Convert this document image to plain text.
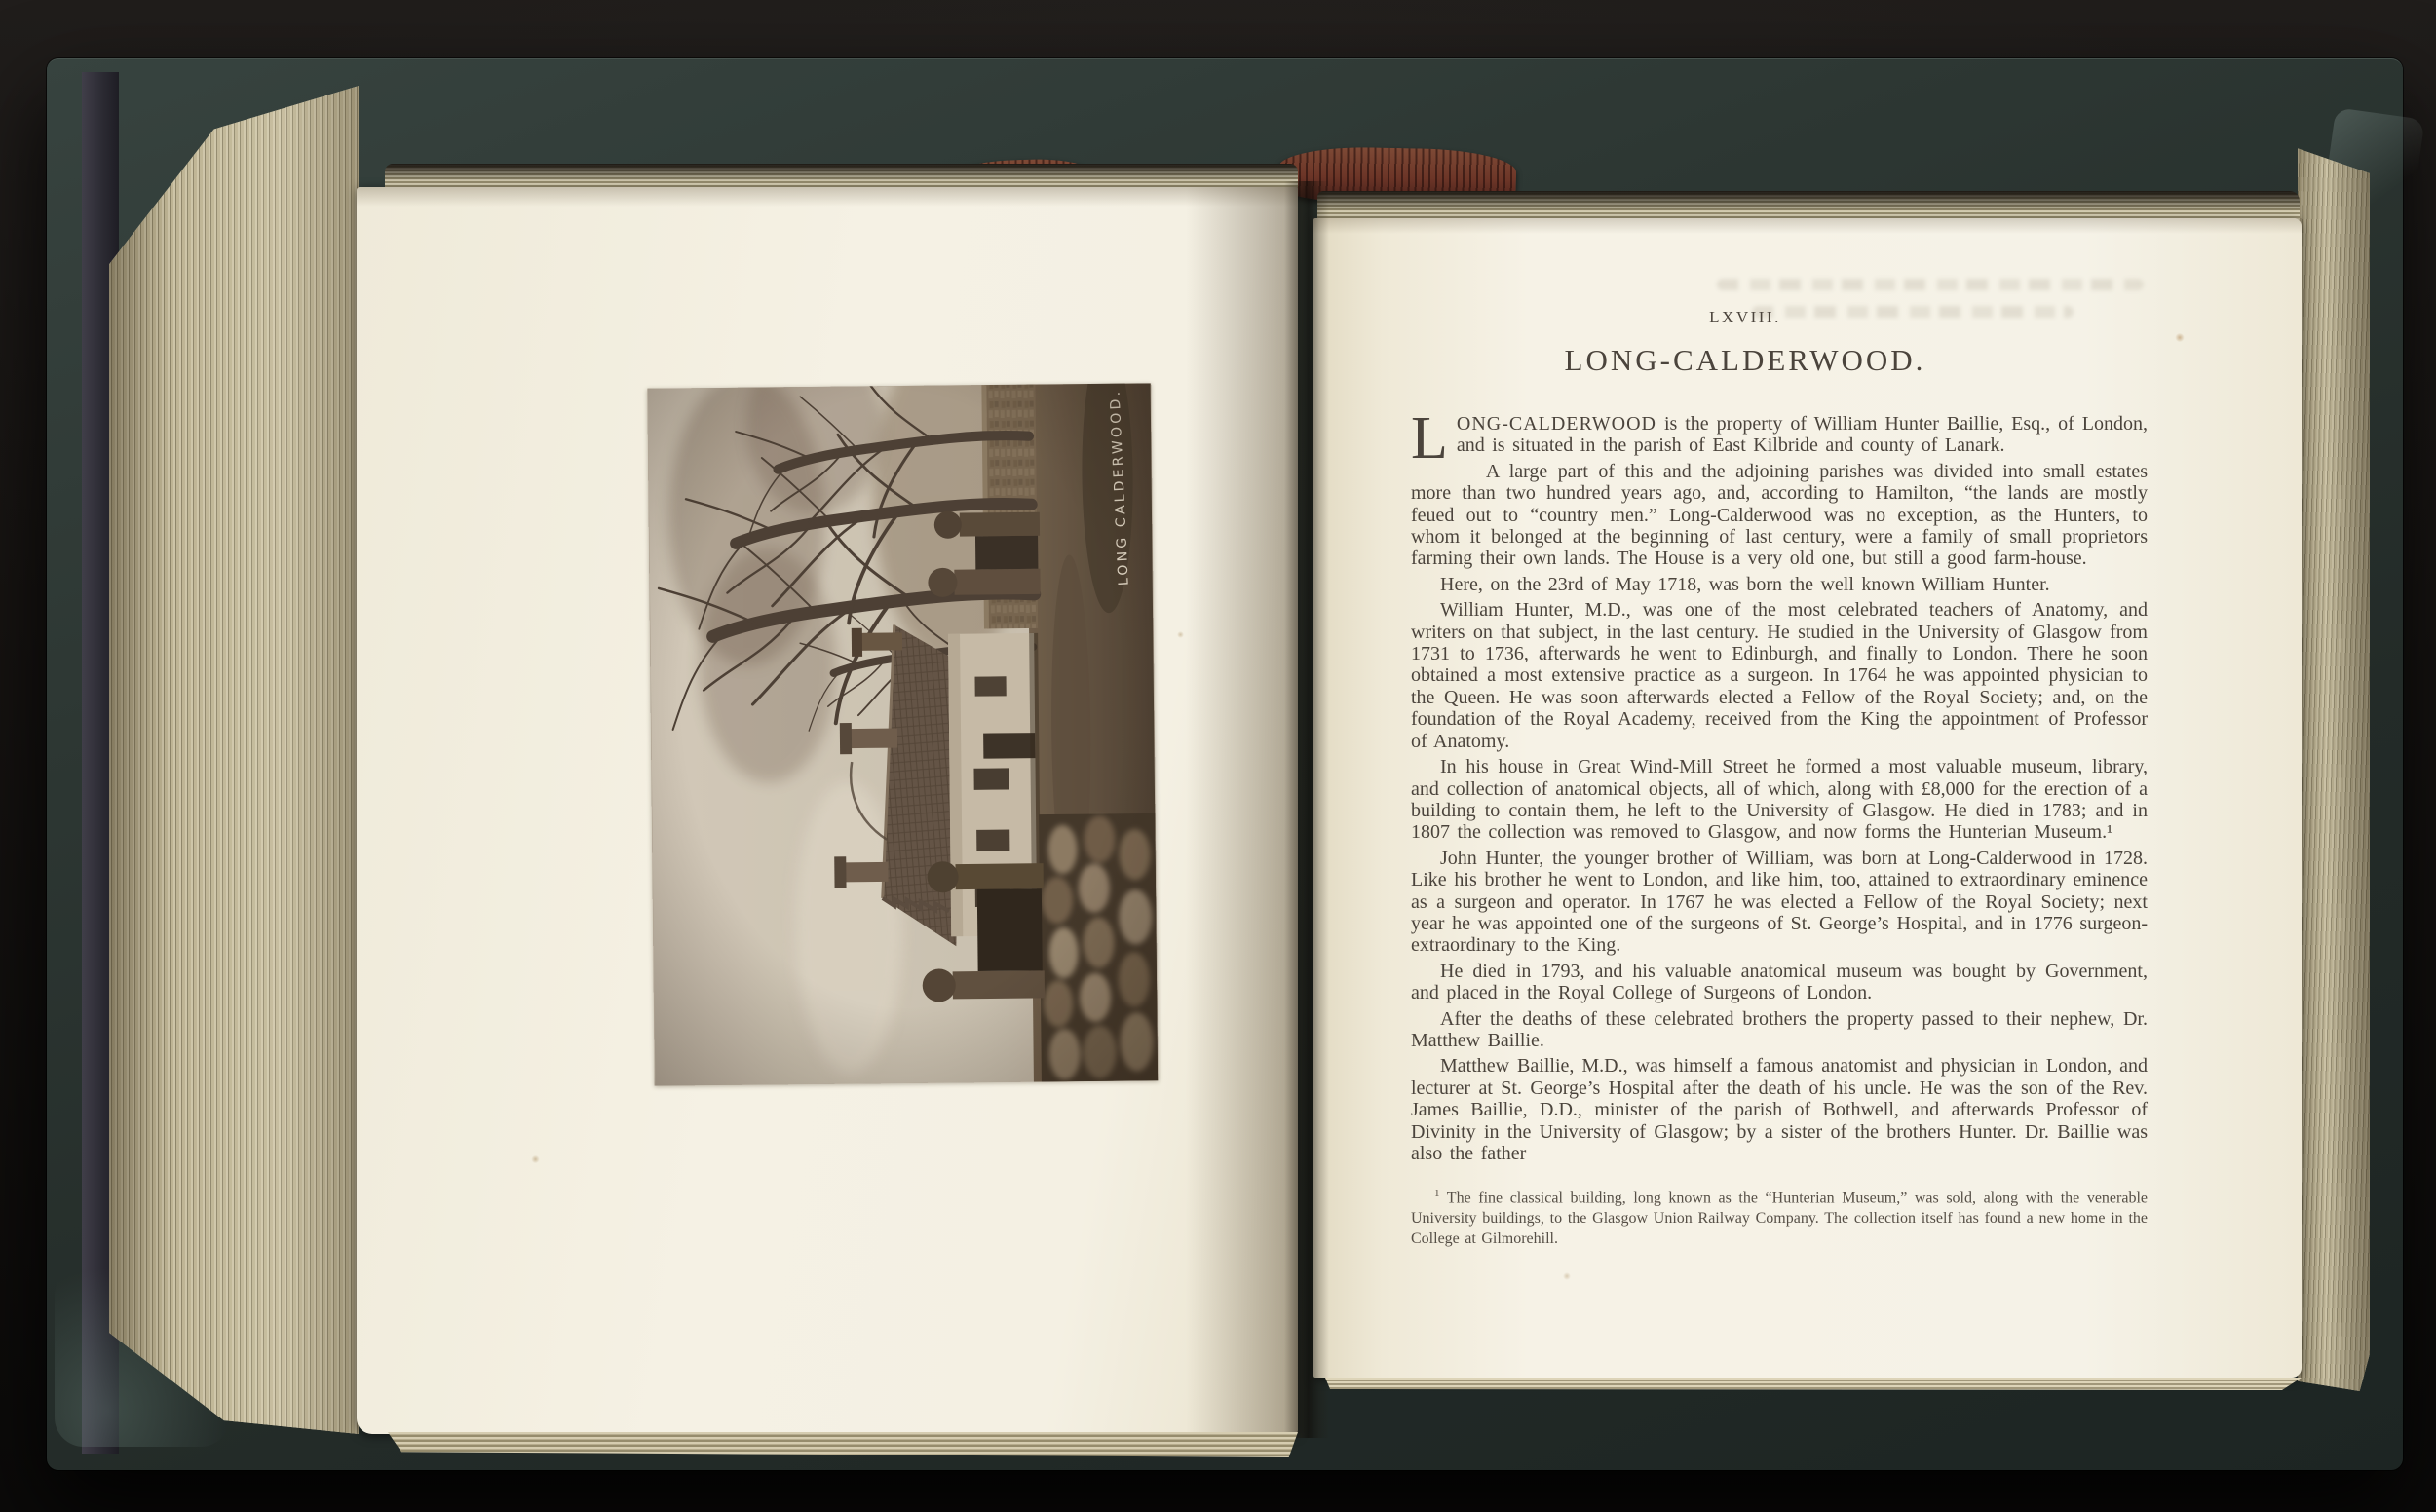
LXVIII.
LONG-CALDERWOOD.

LONG-CALDERWOOD is the property of William Hunter Baillie, Esq., of London, and is situated in the parish of East Kilbride and county of Lanark.

A large part of this and the adjoining parishes was divided into small estates more than two hundred years ago, and, according to Hamilton, “the lands are mostly feued out to “country men.” Long-Calderwood was no exception, as the Hunters, to whom it belonged at the beginning of last century, were a family of small proprietors farming their own lands. The House is a very old one, but still a good farm-house.

Here, on the 23rd of May 1718, was born the well known William Hunter.

William Hunter, M.D., was one of the most celebrated teachers of Anatomy, and writers on that subject, in the last century. He studied in the University of Glasgow from 1731 to 1736, afterwards he went to Edinburgh, and finally to London. There he soon obtained a most extensive practice as a surgeon. In 1764 he was appointed physician to the Queen. He was soon afterwards elected a Fellow of the Royal Society; and, on the foundation of the Royal Academy, received from the King the appointment of Professor of Anatomy.

In his house in Great Wind-Mill Street he formed a most valuable museum, library, and collection of anatomical objects, all of which, along with £8,000 for the erection of a building to contain them, he left to the University of Glasgow. He died in 1783; and in 1807 the collection was removed to Glasgow, and now forms the Hunterian Museum.¹

John Hunter, the younger brother of William, was born at Long-Calderwood in 1728. Like his brother he went to London, and like him, too, attained to extraordinary eminence as a surgeon and operator. In 1767 he was elected a Fellow of the Royal Society; next year he was appointed one of the surgeons of St. George’s Hospital, and in 1776 surgeon-extraordinary to the King.

He died in 1793, and his valuable anatomical museum was bought by Government, and placed in the Royal College of Surgeons of London.

After the deaths of these celebrated brothers the property passed to their nephew, Dr. Matthew Baillie.

Matthew Baillie, M.D., was himself a famous anatomist and physician in London, and lecturer at St. George’s Hospital after the death of his uncle. He was the son of the Rev. James Baillie, D.D., minister of the parish of Bothwell, and afterwards Professor of Divinity in the University of Glasgow; by a sister of the brothers Hunter. Dr. Baillie was also the father

$^1$ The fine classical building, long known as the “Hunterian Museum,” was sold, along with the venerable University buildings, to the Glasgow Union Railway Company. The collection itself has found a new home in the College at Gilmorehill.
